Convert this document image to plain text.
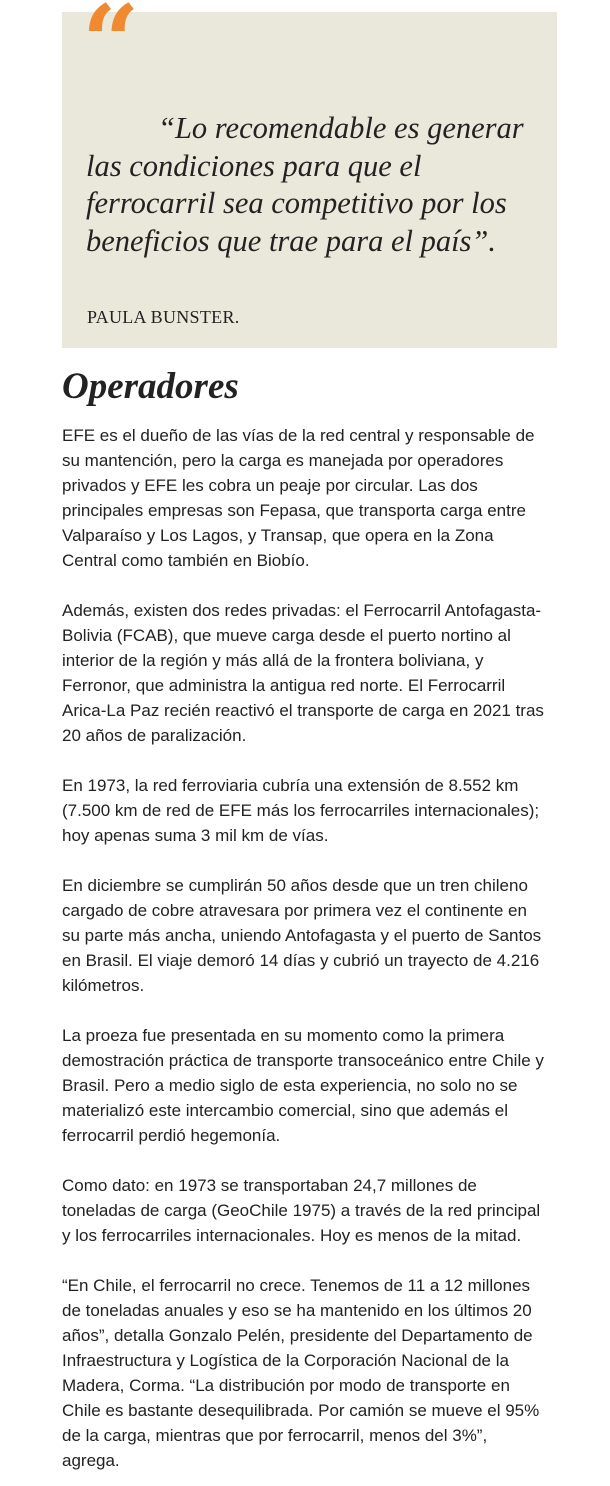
“

“Lo recomendable es generar
las condiciones para que el
ferrocarril sea competitivo por los
beneficios que trae para el país”.

PAULA BUNSTER.

Operadores

EFE es el dueño de las vías de la red central y responsable de
su mantención, pero la carga es manejada por operadores
privados y EFE les cobra un peaje por circular. Las dos
principales empresas son Fepasa, que transporta carga entre
Valparaíso y Los Lagos, y Transap, que opera en la Zona
Central como también en Biobío.

Además, existen dos redes privadas: el Ferrocarril Antofagasta-
Bolivia (FCAB), que mueve carga desde el puerto nortino al
interior de la región y más allá de la frontera boliviana, y
Ferronor, que administra la antigua red norte. El Ferrocarril
Arica-La Paz recién reactivó el transporte de carga en 2021 tras
20 años de paralización.

En 1973, la red ferroviaria cubría una extensión de 8.552 km
(7.500 km de red de EFE más los ferrocarriles internacionales);
hoy apenas suma 3 mil km de vías.

En diciembre se cumplirán 50 años desde que un tren chileno
cargado de cobre atravesara por primera vez el continente en
su parte más ancha, uniendo Antofagasta y el puerto de Santos
en Brasil. El viaje demoró 14 días y cubrió un trayecto de 4.216
kilómetros.

La proeza fue presentada en su momento como la primera
demostración práctica de transporte transoceánico entre Chile y
Brasil. Pero a medio siglo de esta experiencia, no solo no se
materializó este intercambio comercial, sino que además el
ferrocarril perdió hegemonía.

Como dato: en 1973 se transportaban 24,7 millones de
toneladas de carga (GeoChile 1975) a través de la red principal
y los ferrocarriles internacionales. Hoy es menos de la mitad.

“En Chile, el ferrocarril no crece. Tenemos de 11 a 12 millones
de toneladas anuales y eso se ha mantenido en los últimos 20
años”, detalla Gonzalo Pelén, presidente del Departamento de
Infraestructura y Logística de la Corporación Nacional de la
Madera, Corma. “La distribución por modo de transporte en
Chile es bastante desequilibrada. Por camión se mueve el 95%
de la carga, mientras que por ferrocarril, menos del 3%”,
agrega.
